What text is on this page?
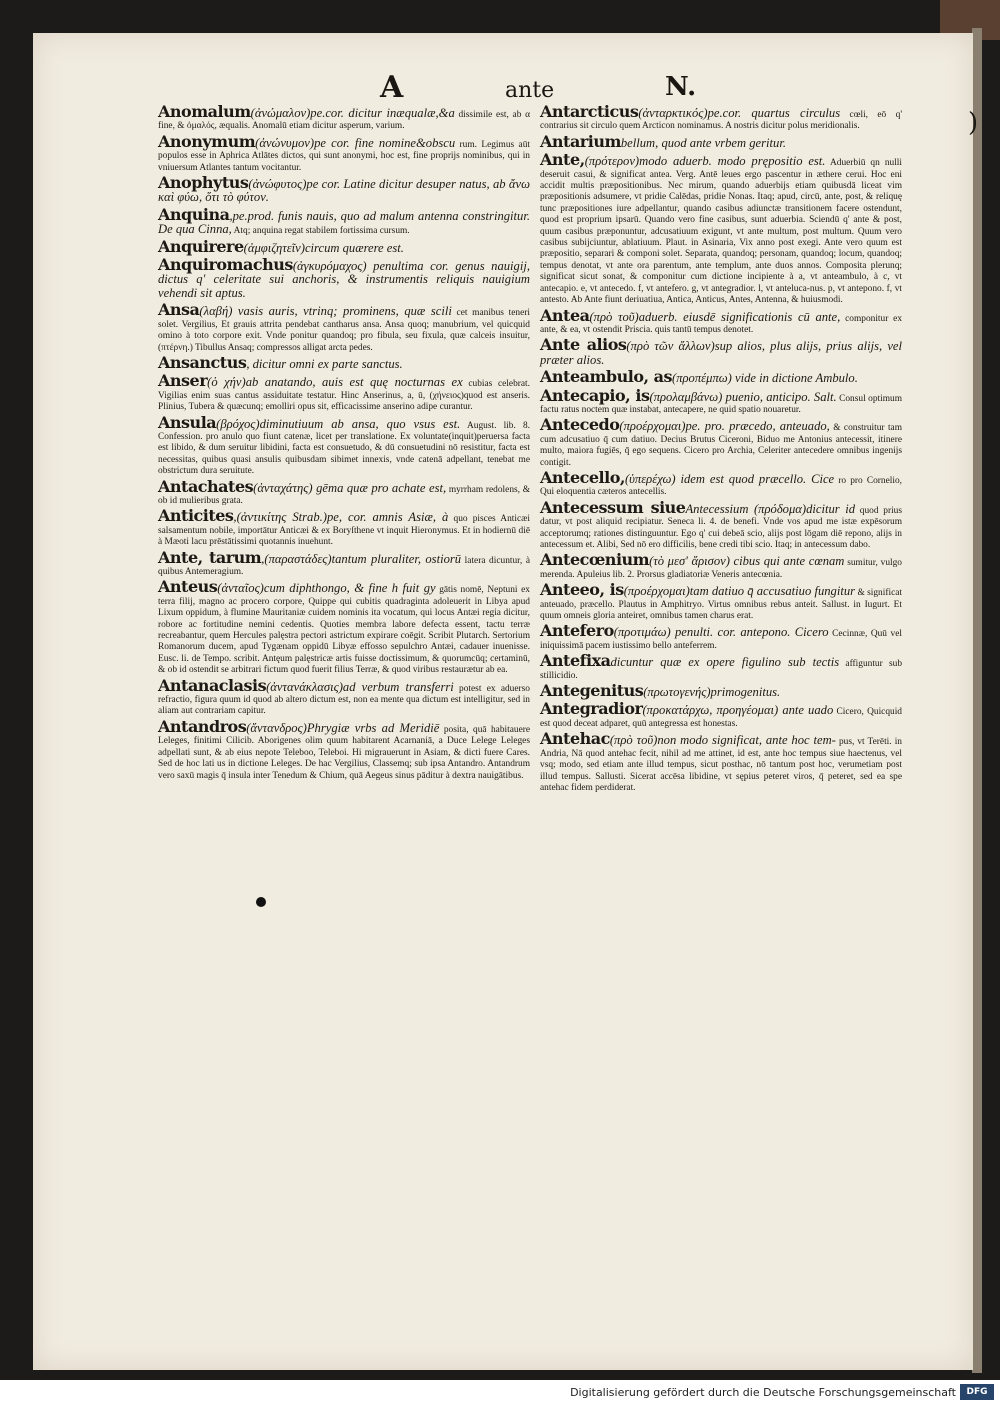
A	ante	N.

Anomalum(ἀνώμαλον)pe.cor. dicitur inæqualæ,&a dissimile est, ab α fine, & ὁμαλός, æqualis. Anomalū etiam dicitur asperum, varium.

Anonymum(ἀνώνυμον)pe cor. fine nomine&obscu rum. Legimus aūt populos esse in Aphrica Atlātes dictos, qui sunt anonymi, hoc est, fine proprijs nominibus, qui in vniuersum Atlantes tantum vocitantur.

Anophytus(ἀνώφυτος)pe cor. Latine dicitur desuper natus, ab ἄνω καὶ φύω, ὅτι τὸ φύτον.

Anquina,pe.prod. funis nauis, quo ad malum antenna constringitur. De qua Cinna, Atq; anquina regat stabilem fortissima cursum.

Anquirere(ἀμφιζητεῖν)circum quærere est.

Anquiromachus(ἀγκυρόμαχος) penultima cor. genus nauigij, dictus q' celeritate sui anchoris, & instrumentis reliquis nauigium vehendi sit aptus.

Ansa(λαβή) vasis auris, vtrinq; prominens, quæ scili cet manibus teneri solet. Vergilius, Et grauis attrita pendebat cantharus ansa. Ansa quoq; manubrium, vel quicquid omino à toto corpore exit. Vnde ponitur quandoq; pro fibula, seu fixula, quæ calceis insuitur, (πτέρνη.) Tibullus Ansaq; compressos alligat arcta pedes.

Ansanctus, dicitur omni ex parte sanctus.

Anser(ὁ χήν)ab anatando, auis est quę nocturnas ex cubias celebrat. Vigilias enim suas cantus assiduitate testatur. Hinc Anserinus, a, ū, (χήνειος)quod est anseris. Plinius, Tubera & quæcunq; emolliri opus sit, efficacissime anserino adipe curantur.

Ansula(βρόχος)diminutiuum ab ansa, quo vsus est. August. lib. 8. Confession. pro anulo quo fiunt catenæ, licet per translatione. Ex voluntate(inquit)peruersa facta est libido, & dum seruitur libidini, facta est consuetudo, & dū consuetudini nō resistitur, facta est necessitas, quibus quasi ansulis quibusdam sibimet innexis, vnde catenā adpellant, tenebat me obstrictum dura seruitute.

Antachates(ἀνταχάτης) gēma quæ pro achate est, myrrham redolens, & ob id mulieribus grata.

Anticites,(ἀντικίτης Strab.)pe, cor. amnis Asiæ, à quo pisces Anticæi salsamentum nobile, importātur Anticæi & ex Boryſthene vt inquit Hieronymus. Et in hodiernū diē à Mæoti lacu prēstātissimi quotannis inuehunt.

Ante, tarum,(παραστάδες)tantum pluraliter, ostiorū latera dicuntur, à quibus Antemeragium.

Anteus(ἀνταῖος)cum diphthongo, & fine h fuit gy gātis nomē, Neptuni ex terra filij, magno ac procero corpore, Quippe qui cubitis quadraginta adoleuerit in Libya apud Lixum oppidum, à flumine Mauritaniæ cuidem nominis ita vocatum, qui locus Antæi regia dicitur, robore ac fortitudine nemini cedentis. Quoties membra labore defecta essent, tactu terræ recreabantur, quem Hercules palęstra pectori astrictum expirare coēgit. Scribit Plutarch. Sertorium Romanorum ducem, apud Tygænam oppidū Libyæ effosso sepulchro Antæi, cadauer inuenisse. Eusc. li. de Tempo. scribit. Antęum palęstricæ artis fuisse doctissimum, & quorumcūq; certaminū, & ob id ostendit se arbitrari fictum quod fuerit filius Terræ, & quod viribus restaurætur ab ea.

Antanaclasis(ἀντανάκλασις)ad verbum transferri potest ex aduerso refractio, figura quum id quod ab altero dictum est, non ea mente qua dictum est intelligitur, sed in aliam aut contrariam capitur.

Antandros(ἄντανδρος)Phrygiæ vrbs ad Meridiē posita, quā habitauere Leleges, finitimi Cilicib. Aborigenes olim quum habitarent Acarnaniā, a Duce Lelege Leleges adpellati sunt, & ab eius nepote Teleboo, Teleboi. Hi migrauerunt in Asiam, & dicti fuere Cares. Sed de hoc lati us in dictione Leleges. De hac Vergilius, Classemq; sub ipsa Antandro. Antandrum vero saxū magis q̄ insula inter Tenedum & Chium, quā Aegeus sinus pāditur à dextra nauigātibus.

Antarcticus(ἀνταρκτικός)pe.cor. quartus circulus cœli, eō q' contrarius sit circulo quem Arcticon nominamus. A nostris dicitur polus meridionalis.

Antariumbellum, quod ante vrbem geritur.

Ante,(πρότερον)modo aduerb. modo prępositio est. Aduerbiū qn nulli deseruit casui, & significat antea. Verg. Antē leues ergo pascentur in æthere cerui. Hoc eni accidit multis præpositionibus. Nec mirum, quando aduerbijs etiam quibusdā liceat vim præpositionis adsumere, vt pridie Calēdas, pridie Nonas. Itaq; apud, circū, ante, post, & reliquę tunc præpositiones iure adpellantur, quando casibus adiunctæ transitionem facere ostendunt, quod est proprium ipsarū. Quando vero fine casibus, sunt aduerbia. Sciendū q' ante & post, quum casibus præponuntur, adcusatiuum exigunt, vt ante multum, post multum. Quum vero casibus subijciuntur, ablatiuum. Plaut. in Asinaria, Vix anno post exegi. Ante vero quum est præpositio, separari & componi solet. Separata, quandoq; personam, quandoq; locum, quandoq; tempus denotat, vt ante ora parentum, ante templum, ante duos annos. Composita plerunq; significat sicut sonat, & componitur cum dictione incipiente à a, vt anteambulo, à c, vt antecapio. e, vt antecedo. f, vt antefero. g, vt antegradior. l, vt anteluca-nus. p, vt antepono. f, vt antesto. Ab Ante fiunt deriuatiua, Antica, Anticus, Antes, Antenna, & huiusmodi.

Antea(πρὸ τοῦ)aduerb. eiusdē significationis cū ante, componitur ex ante, & ea, vt ostendit Priscia. quis tantū tempus denotet.

Ante alios(πρὸ τῶν ἄλλων)sup alios, plus alijs, prius alijs, vel præter alios.

Anteambulo, as(προπέμπω) vide in dictione Ambulo.

Antecapio, is(προλαμβάνω) puenio, anticipo. Salt. Consul optimum factu ratus noctem quæ instabat, antecapere, ne quid spatio nouaretur.

Antecedo(προέρχομαι)pe. pro. præcedo, anteuado, & construitur tam cum adcusatiuo q̄ cum datiuo. Decius Brutus Ciceroni, Biduo me Antonius antecessit, itinere multo, maiora fugiēs, q̄ ego sequens. Cicero pro Archia, Celeriter antecedere omnibus ingenijs contigit.

Antecello,(ὑπερέχω) idem est quod præcello. Cice ro pro Cornelio, Qui eloquentia cæteros antecellis.

Antecessum siueAntecessium (πρόδομα)dicitur id quod prius datur, vt post aliquid recipiatur. Seneca li. 4. de benefi. Vnde vos apud me istæ expēsorum acceptorumq; rationes distinguuntur. Ego q' cui debeā scio, alijs post lōgam diē repono, alijs in antecessum et. Alibi, Sed nō ero difficilis, bene credi tibi scio. Itaq; in antecessum dabo.

Antecœnium(τὸ μεσ' ἄρισον) cibus qui ante cœnam sumitur, vulgo merenda. Apuleius lib. 2. Prorsus gladiatoriæ Veneris antecœnia.

Anteeo, is(προέρχομαι)tam datiuo q̄ accusatiuo fungitur & significat anteuado, præcello. Plautus in Amphitryo. Virtus omnibus rebus anteit. Sallust. in Iugurt. Et quum omneis gloria anteiret, omnibus tamen charus erat.

Antefero(προτιμάω) penulti. cor. antepono. Cicero Cecinnæ, Quū vel iniquissimā pacem iustissimo bello anteferrem.

Antefixadicuntur quæ ex opere figulino sub tectis affiguntur sub stillicidio.

Antegenitus(πρωτογενής)primogenitus.

Antegradior(προκατάρχω, προηγέομαι) ante uado Cicero, Quicquid est quod deceat adparet, quū antegressa est honestas.

Antehac(πρὸ τοῦ)non modo significat, ante hoc tem- pus, vt Terēti. in Andria, Nā quod antehac fecit, nihil ad me attinet, id est, ante hoc tempus siue haectenus, vel vsq; modo, sed etiam ante illud tempus, sicut posthac, nō tantum post hoc, verumetiam post illud tempus. Sallusti. Sicerat accēsa libidine, vt sępius peteret viros, q̄ peteret, sed ea spe antehac fidem perdiderat.

)
Digitalisierung gefördert durch die Deutsche Forschungsgemeinschaft	DFG
